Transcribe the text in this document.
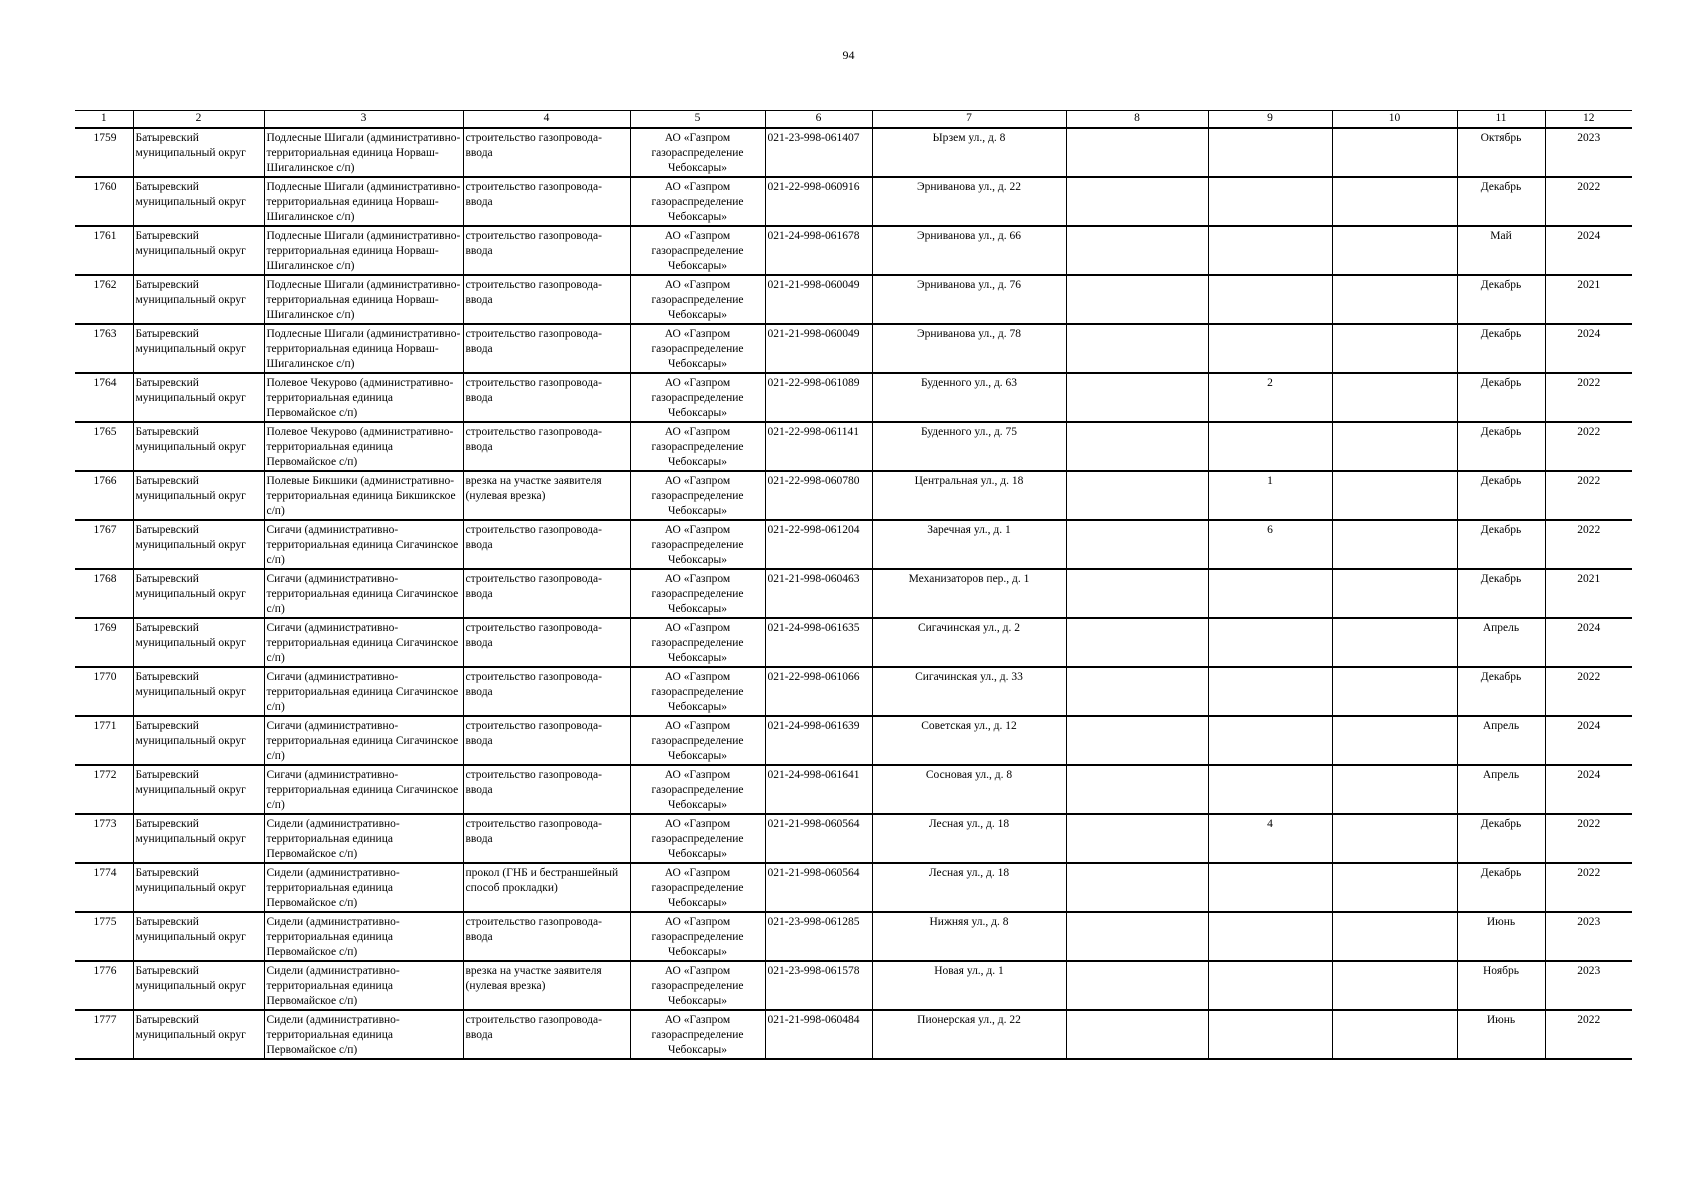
94
1	2	3	4	5	6	7	8	9	10	11	12
1759	Батыревский муниципальный округ	Подлесные Шигали (административно-территориальная единица Норваш-Шигалинское с/п)	строительство газопровода-ввода	АО «Газпром газораспределение Чебоксары»	021-23-998-061407	Ырзем ул., д. 8				Октябрь	2023
1760	Батыревский муниципальный округ	Подлесные Шигали (административно-территориальная единица Норваш-Шигалинское с/п)	строительство газопровода-ввода	АО «Газпром газораспределение Чебоксары»	021-22-998-060916	Эрниванова ул., д. 22				Декабрь	2022
1761	Батыревский муниципальный округ	Подлесные Шигали (административно-территориальная единица Норваш-Шигалинское с/п)	строительство газопровода-ввода	АО «Газпром газораспределение Чебоксары»	021-24-998-061678	Эрниванова ул., д. 66				Май	2024
1762	Батыревский муниципальный округ	Подлесные Шигали (административно-территориальная единица Норваш-Шигалинское с/п)	строительство газопровода-ввода	АО «Газпром газораспределение Чебоксары»	021-21-998-060049	Эрниванова ул., д. 76				Декабрь	2021
1763	Батыревский муниципальный округ	Подлесные Шигали (административно-территориальная единица Норваш-Шигалинское с/п)	строительство газопровода-ввода	АО «Газпром газораспределение Чебоксары»	021-21-998-060049	Эрниванова ул., д. 78				Декабрь	2024
1764	Батыревский муниципальный округ	Полевое Чекурово (административно-территориальная единица Первомайское с/п)	строительство газопровода-ввода	АО «Газпром газораспределение Чебоксары»	021-22-998-061089	Буденного ул., д. 63		2		Декабрь	2022
1765	Батыревский муниципальный округ	Полевое Чекурово (административно-территориальная единица Первомайское с/п)	строительство газопровода-ввода	АО «Газпром газораспределение Чебоксары»	021-22-998-061141	Буденного ул., д. 75				Декабрь	2022
1766	Батыревский муниципальный округ	Полевые Бикшики (административно-территориальная единица Бикшикское с/п)	врезка на участке заявителя (нулевая врезка)	АО «Газпром газораспределение Чебоксары»	021-22-998-060780	Центральная ул., д. 18		1		Декабрь	2022
1767	Батыревский муниципальный округ	Сигачи (административно-территориальная единица Сигачинское с/п)	строительство газопровода-ввода	АО «Газпром газораспределение Чебоксары»	021-22-998-061204	Заречная ул., д. 1		6		Декабрь	2022
1768	Батыревский муниципальный округ	Сигачи (административно-территориальная единица Сигачинское с/п)	строительство газопровода-ввода	АО «Газпром газораспределение Чебоксары»	021-21-998-060463	Механизаторов пер., д. 1				Декабрь	2021
1769	Батыревский муниципальный округ	Сигачи (административно-территориальная единица Сигачинское с/п)	строительство газопровода-ввода	АО «Газпром газораспределение Чебоксары»	021-24-998-061635	Сигачинская ул., д. 2				Апрель	2024
1770	Батыревский муниципальный округ	Сигачи (административно-территориальная единица Сигачинское с/п)	строительство газопровода-ввода	АО «Газпром газораспределение Чебоксары»	021-22-998-061066	Сигачинская ул., д. 33				Декабрь	2022
1771	Батыревский муниципальный округ	Сигачи (административно-территориальная единица Сигачинское с/п)	строительство газопровода-ввода	АО «Газпром газораспределение Чебоксары»	021-24-998-061639	Советская ул., д. 12				Апрель	2024
1772	Батыревский муниципальный округ	Сигачи (административно-территориальная единица Сигачинское с/п)	строительство газопровода-ввода	АО «Газпром газораспределение Чебоксары»	021-24-998-061641	Сосновая ул., д. 8				Апрель	2024
1773	Батыревский муниципальный округ	Сидели (административно-территориальная единица Первомайское с/п)	строительство газопровода-ввода	АО «Газпром газораспределение Чебоксары»	021-21-998-060564	Лесная ул., д. 18		4		Декабрь	2022
1774	Батыревский муниципальный округ	Сидели (административно-территориальная единица Первомайское с/п)	прокол (ГНБ и бестраншейный способ прокладки)	АО «Газпром газораспределение Чебоксары»	021-21-998-060564	Лесная ул., д. 18				Декабрь	2022
1775	Батыревский муниципальный округ	Сидели (административно-территориальная единица Первомайское с/п)	строительство газопровода-ввода	АО «Газпром газораспределение Чебоксары»	021-23-998-061285	Нижняя ул., д. 8				Июнь	2023
1776	Батыревский муниципальный округ	Сидели (административно-территориальная единица Первомайское с/п)	врезка на участке заявителя (нулевая врезка)	АО «Газпром газораспределение Чебоксары»	021-23-998-061578	Новая ул., д. 1				Ноябрь	2023
1777	Батыревский муниципальный округ	Сидели (административно-территориальная единица Первомайское с/п)	строительство газопровода-ввода	АО «Газпром газораспределение Чебоксары»	021-21-998-060484	Пионерская ул., д. 22				Июнь	2022
